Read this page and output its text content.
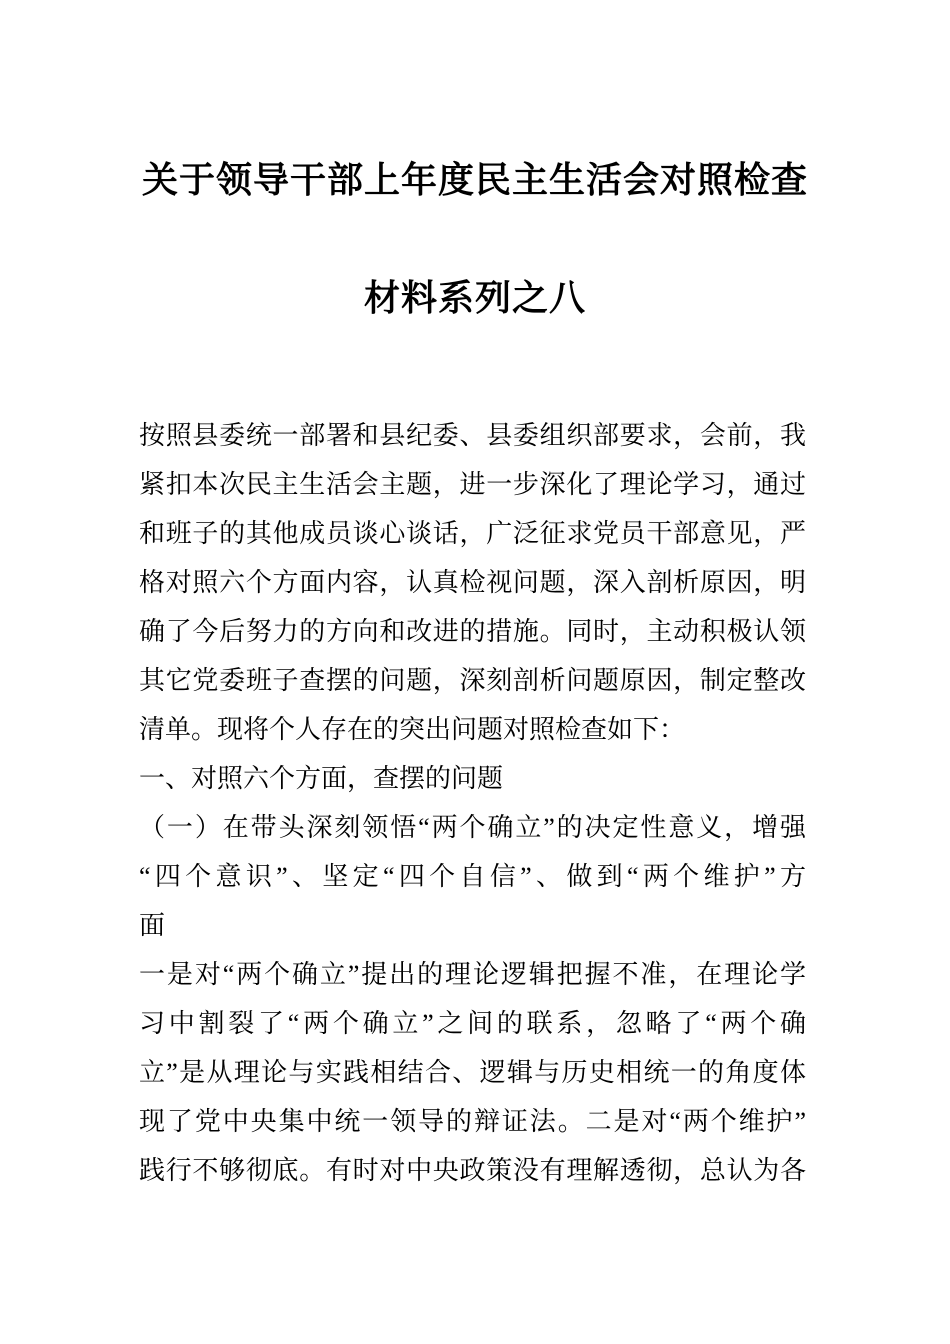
关于领导干部上年度民主生活会对照检查
材料系列之八
按照县委统一部署和县纪委、县委组织部要求，会前，我
紧扣本次民主生活会主题，进一步深化了理论学习，通过
和班子的其他成员谈心谈话，广泛征求党员干部意见，严
格对照六个方面内容，认真检视问题，深入剖析原因，明
确了今后努力的方向和改进的措施。同时，主动积极认领
其它党委班子查摆的问题，深刻剖析问题原因，制定整改
清单。现将个人存在的突出问题对照检查如下：
一、对照六个方面，查摆的问题
（一）在带头深刻领悟“两个确立”的决定性意义，增强
“四个意识”、坚定“四个自信”、做到“两个维护”方
面
一是对“两个确立”提出的理论逻辑把握不准，在理论学
习中割裂了“两个确立”之间的联系，忽略了“两个确
立”是从理论与实践相结合、逻辑与历史相统一的角度体
现了党中央集中统一领导的辩证法。二是对“两个维护”
践行不够彻底。有时对中央政策没有理解透彻，总认为各
